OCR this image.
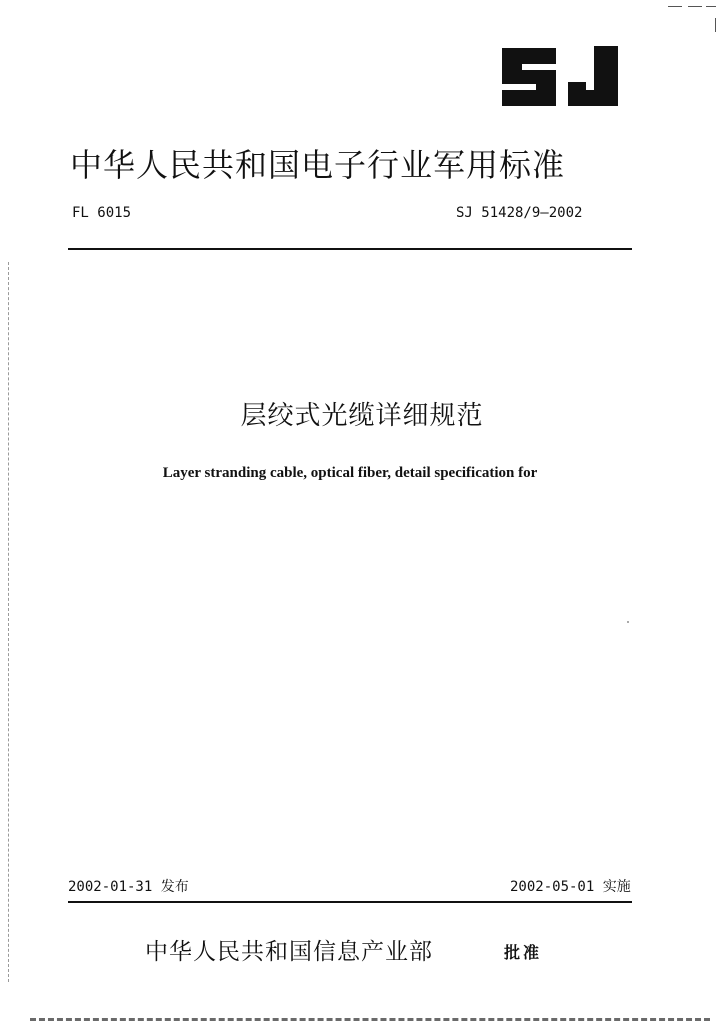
中华人民共和国电子行业军用标准
FL 6015	SJ 51428/9—2002
层绞式光缆详细规范
Layer stranding cable, optical fiber, detail specification for
2002-01-31 发布	2002-05-01 实施
中华人民共和国信息产业部	批准
